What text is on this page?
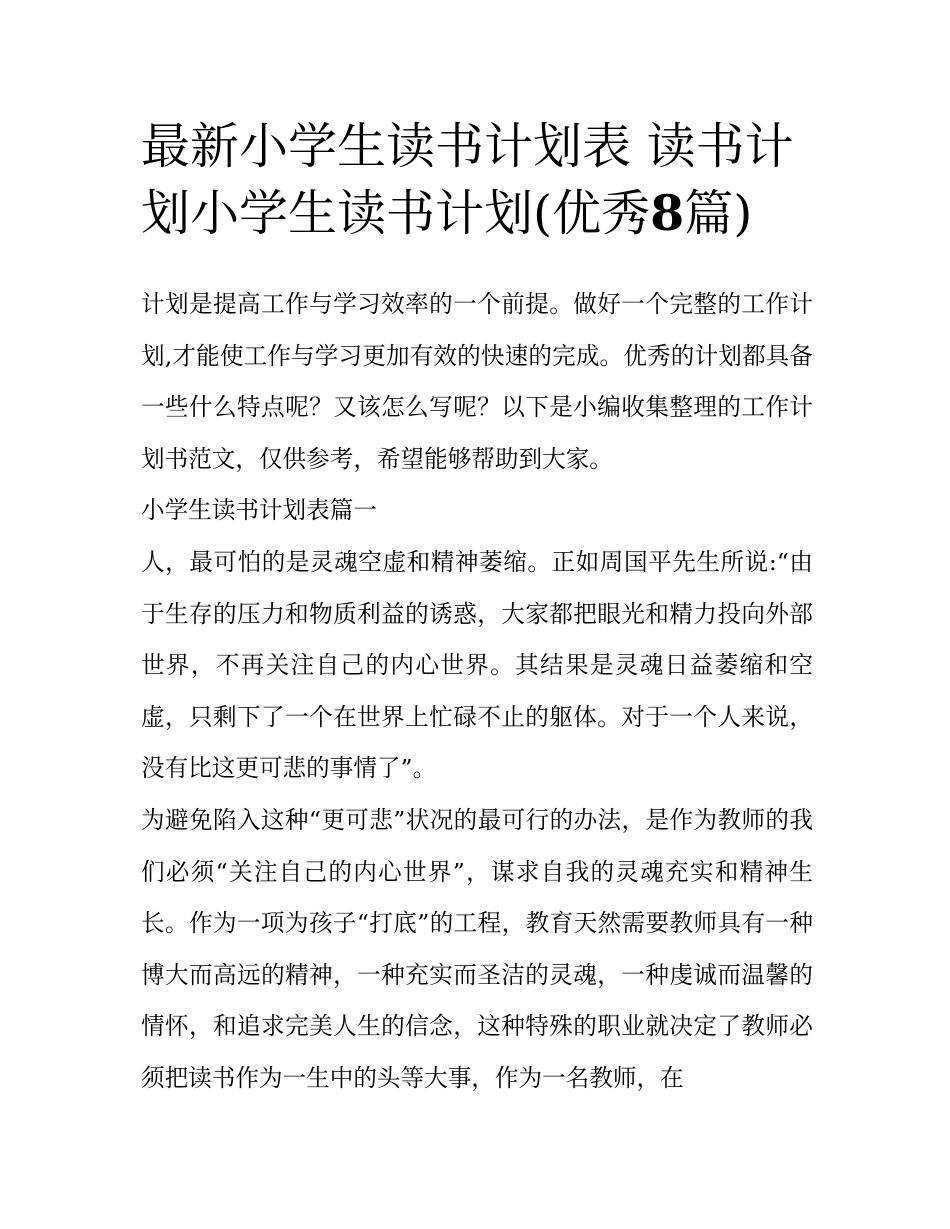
最新小学生读书计划表 读书计划小学生读书计划(优秀8篇)

计划是提高工作与学习效率的一个前提。做好一个完整的工作计划,才能使工作与学习更加有效的快速的完成。优秀的计划都具备一些什么特点呢？又该怎么写呢？以下是小编收集整理的工作计划书范文，仅供参考，希望能够帮助到大家。

小学生读书计划表篇一

人，最可怕的是灵魂空虚和精神萎缩。正如周国平先生所说:“由于生存的压力和物质利益的诱惑，大家都把眼光和精力投向外部世界，不再关注自己的内心世界。其结果是灵魂日益萎缩和空虚，只剩下了一个在世界上忙碌不止的躯体。对于一个人来说，没有比这更可悲的事情了”。

为避免陷入这种“更可悲”状况的最可行的办法，是作为教师的我们必须“关注自己的内心世界”，谋求自我的灵魂充实和精神生长。作为一项为孩子“打底”的工程，教育天然需要教师具有一种博大而高远的精神，一种充实而圣洁的灵魂，一种虔诚而温馨的情怀，和追求完美人生的信念，这种特殊的职业就决定了教师必须把读书作为一生中的头等大事，作为一名教师，在
